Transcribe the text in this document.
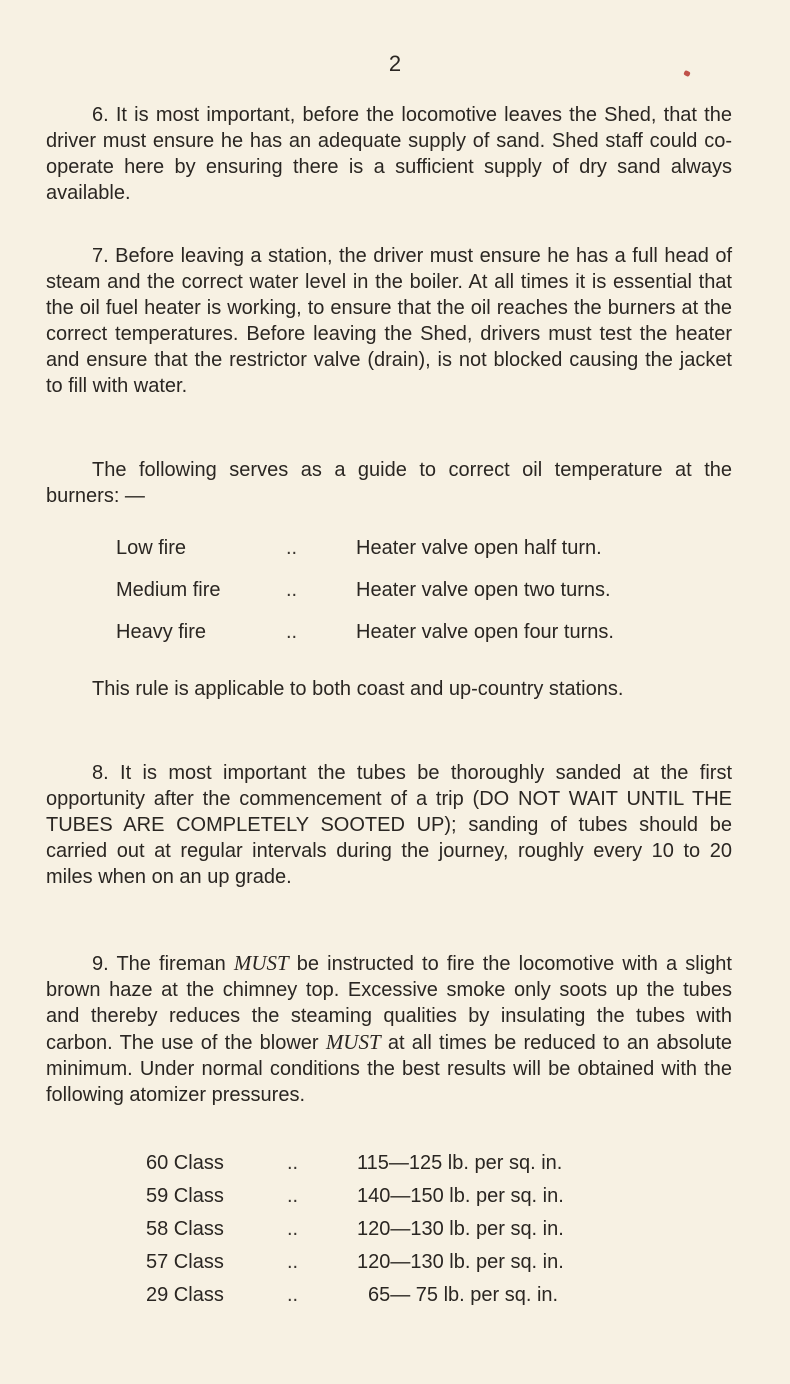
2

6. It is most important, before the locomotive leaves the Shed, that the driver must ensure he has an adequate supply of sand. Shed staff could co-operate here by ensuring there is a sufficient supply of dry sand always available.

7. Before leaving a station, the driver must ensure he has a full head of steam and the correct water level in the boiler. At all times it is essential that the oil fuel heater is working, to ensure that the oil reaches the burners at the correct temperatures. Before leaving the Shed, drivers must test the heater and ensure that the restrictor valve (drain), is not blocked causing the jacket to fill with water.

The following serves as a guide to correct oil temperature at the burners: —

Low fire	..	Heater valve open half turn.
Medium fire	..	Heater valve open two turns.
Heavy fire	..	Heater valve open four turns.

This rule is applicable to both coast and up-country stations.

8. It is most important the tubes be thoroughly sanded at the first opportunity after the commencement of a trip (DO NOT WAIT UNTIL THE TUBES ARE COMPLETELY SOOTED UP); sanding of tubes should be carried out at regular intervals during the journey, roughly every 10 to 20 miles when on an up grade.

9. The fireman MUST be instructed to fire the locomotive with a slight brown haze at the chimney top. Excessive smoke only soots up the tubes and thereby reduces the steaming qualities by insulating the tubes with carbon. The use of the blower MUST at all times be reduced to an absolute minimum. Under normal conditions the best results will be obtained with the following atomizer pressures.

60 Class	..	115—125 lb. per sq. in.
59 Class	..	140—150 lb. per sq. in.
58 Class	..	120—130 lb. per sq. in.
57 Class	..	120—130 lb. per sq. in.
29 Class	..	65— 75 lb. per sq. in.
